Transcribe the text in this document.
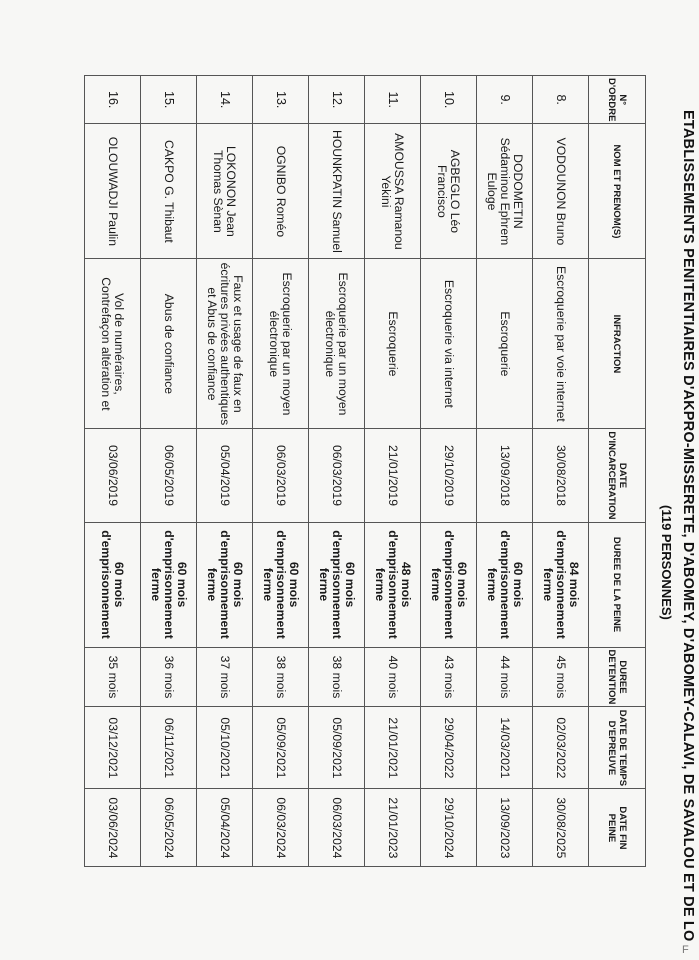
ETABLISSEMENTS PENITENTIAIRES D'AKPRO-MISSERETE, D'ABOMEY, D'ABOMEY-CALAVI, DE SAVALOU ET DE LO
(119 PERSONNES)
N° D'ORDRE	NOM ET PRENOM(S)	INFRACTION	DATE D'INCARCERATION	DUREE DE LA PEINE	DUREE DETENTION	DATE DE TEMPS D'EPREUVE	DATE FIN PEINE
8.	VODOUNON Bruno	Escroquerie par voie internet	30/08/2018	84 mois d'emprisonnement ferme	45 mois	02/03/2022	30/08/2025
9.	DODOMETIN Sédaminou Ephrem Euloge	Escroquerie	13/09/2018	60 mois d'emprisonnement ferme	44 mois	14/03/2021	13/09/2023
10.	AGBEGLO Léo Francisco	Escroquerie via internet	29/10/2019	60 mois d'emprisonnement ferme	43 mois	29/04/2022	29/10/2024
11.	AMOUSSA Ramanou Yekini	Escroquerie	21/01/2019	48 mois d'emprisonnement ferme	40 mois	21/01/2021	21/01/2023
12.	HOUNKPATIN Samuel	Escroquerie par un moyen électronique	06/03/2019	60 mois d'emprisonnement ferme	38 mois	05/09/2021	06/03/2024
13.	OGNIBO Roméo	Escroquerie par un moyen électronique	06/03/2019	60 mois d'emprisonnement ferme	38 mois	05/09/2021	06/03/2024
14.	LOKONON Jean Thomas Sènan	Faux et usage de faux en écritures privées authentiques et Abus de confiance	05/04/2019	60 mois d'emprisonnement ferme	37 mois	05/10/2021	05/04/2024
15.	CAKPO G. Thibaut	Abus de confiance	06/05/2019	60 mois d'emprisonnement ferme	36 mois	06/11/2021	06/05/2024
16.	OLOUWADJI Paulin	Vol de numéraires, Contrefaçon altération et	03/06/2019	60 mois d'emprisonnement	35 mois	03/12/2021	03/06/2024
F
